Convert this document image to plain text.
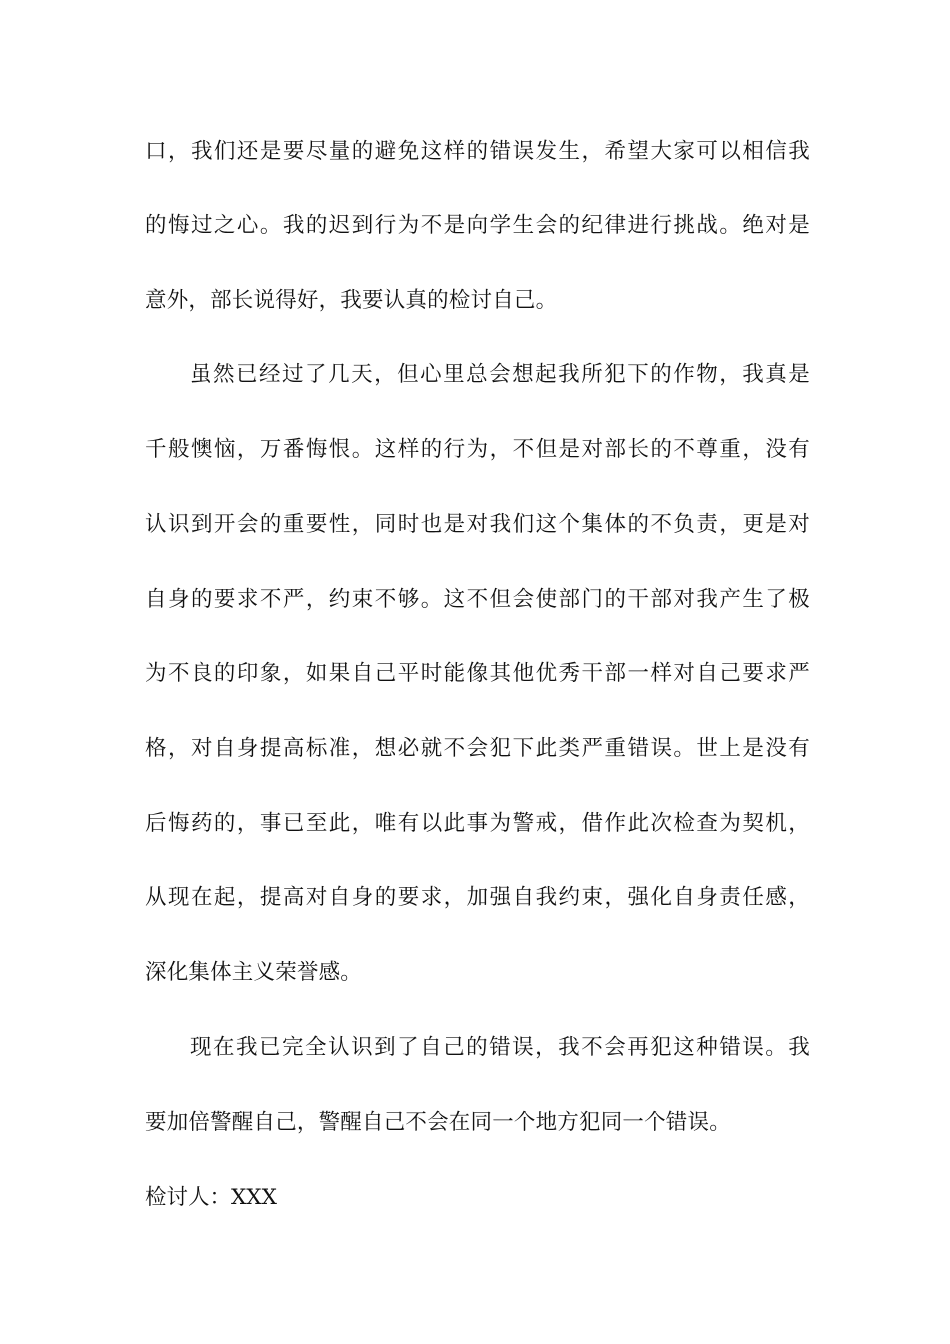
口，我们还是要尽量的避免这样的错误发生，希望大家可以相信我
的悔过之心。我的迟到行为不是向学生会的纪律进行挑战。绝对是
意外，部长说得好，我要认真的检讨自己。
虽然已经过了几天，但心里总会想起我所犯下的作物，我真是
千般懊恼，万番悔恨。这样的行为，不但是对部长的不尊重，没有
认识到开会的重要性，同时也是对我们这个集体的不负责，更是对
自身的要求不严，约束不够。这不但会使部门的干部对我产生了极
为不良的印象，如果自己平时能像其他优秀干部一样对自己要求严
格，对自身提高标准，想必就不会犯下此类严重错误。世上是没有
后悔药的，事已至此，唯有以此事为警戒，借作此次检查为契机，
从现在起，提高对自身的要求，加强自我约束，强化自身责任感，
深化集体主义荣誉感。
现在我已完全认识到了自己的错误，我不会再犯这种错误。我
要加倍警醒自己，警醒自己不会在同一个地方犯同一个错误。
检讨人：XXX
